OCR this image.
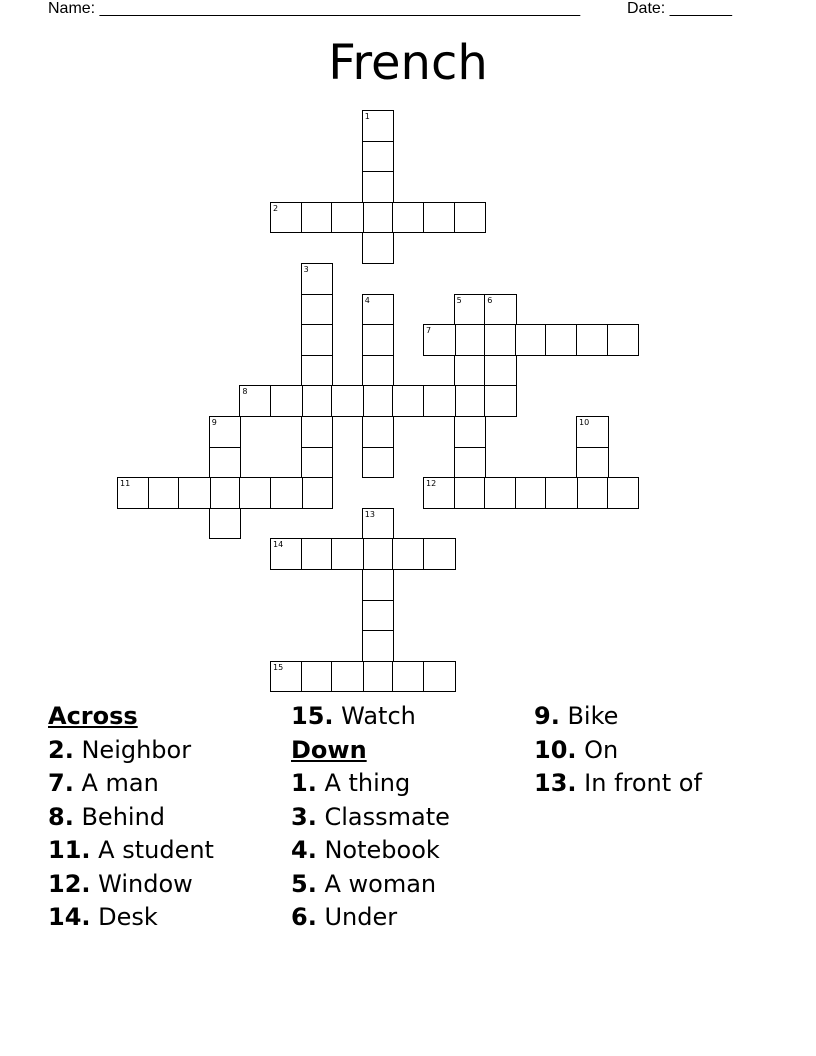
Name: ______________________________________________________	Date: _______
French
1
2
3
4	5	6
7
8
9	10
11	12
13
14
15
Across
2. Neighbor
7. A man
8. Behind
11. A student
12. Window
14. Desk
15. Watch
Down
1. A thing
3. Classmate
4. Notebook
5. A woman
6. Under
9. Bike
10. On
13. In front of
